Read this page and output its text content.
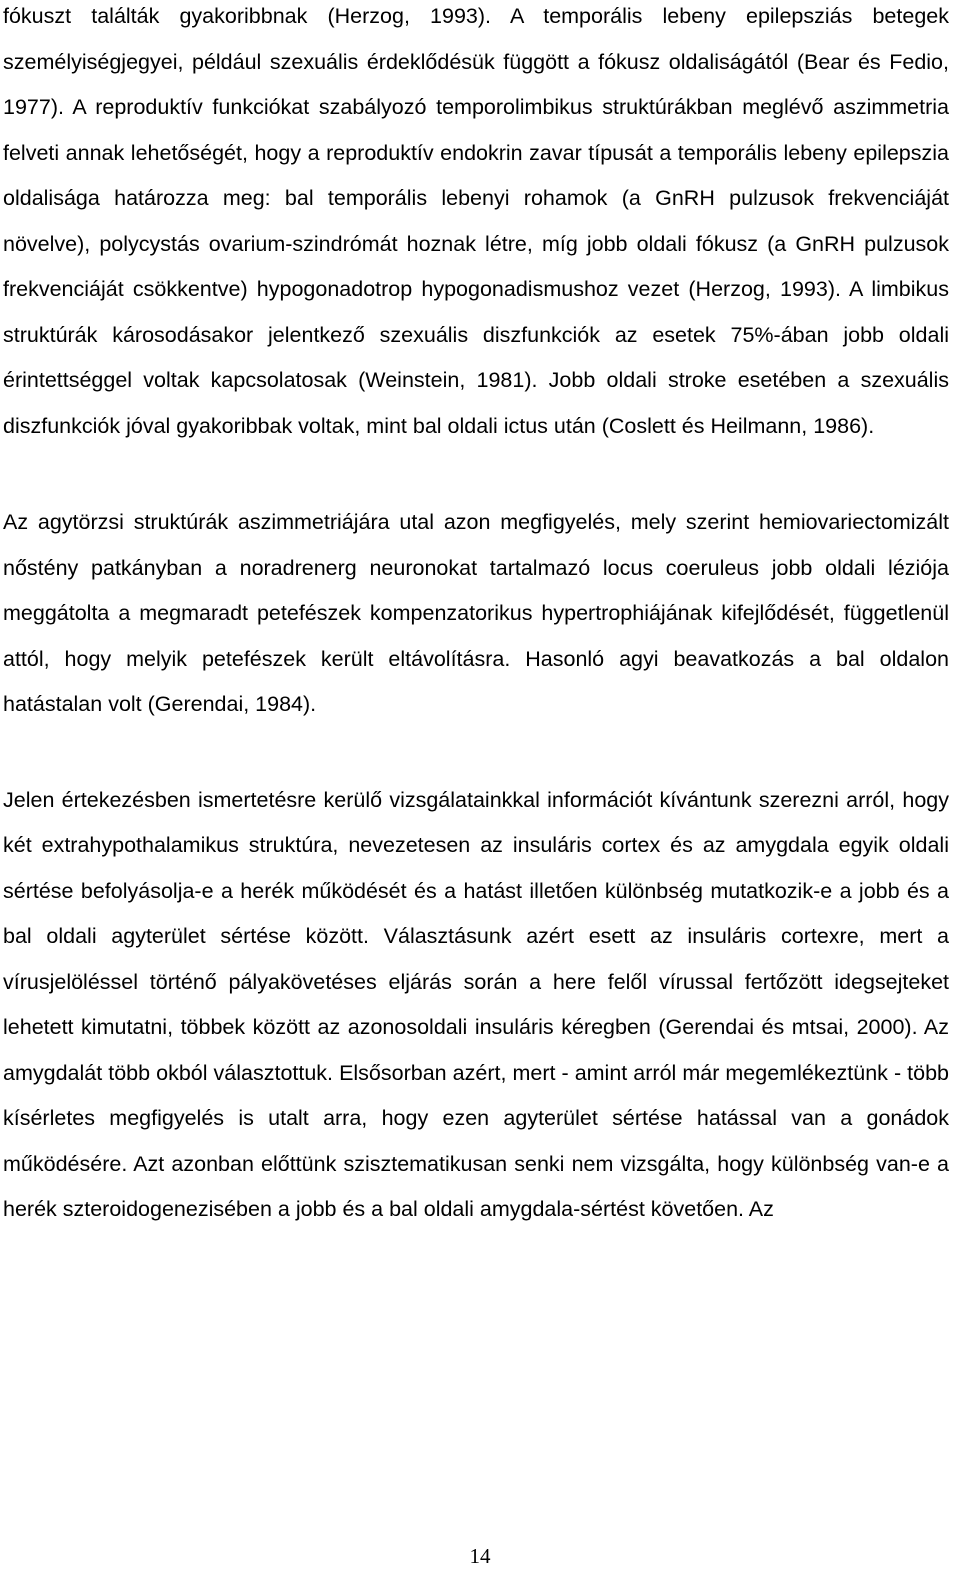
fókuszt találták gyakoribbnak (Herzog, 1993). A temporális lebeny epilepsziás betegek személyiségjegyei, például szexuális érdeklődésük függött a fókusz oldaliságától (Bear és Fedio, 1977). A reproduktív funkciókat szabályozó temporolimbikus struktúrákban meglévő aszimmetria felveti annak lehetőségét, hogy a reproduktív endokrin zavar típusát a temporális lebeny epilepszia oldalisága határozza meg: bal temporális lebenyi rohamok (a GnRH pulzusok frekvenciáját növelve), polycystás ovarium-szindrómát hoznak létre, míg jobb oldali fókusz (a GnRH pulzusok frekvenciáját csökkentve) hypogonadotrop hypogonadismushoz vezet (Herzog, 1993). A limbikus struktúrák károsodásakor jelentkező szexuális diszfunkciók az esetek 75%-ában jobb oldali érintettséggel voltak kapcsolatosak (Weinstein, 1981). Jobb oldali stroke esetében a szexuális diszfunkciók jóval gyakoribbak voltak, mint bal oldali ictus után (Coslett és Heilmann, 1986).

Az agytörzsi struktúrák aszimmetriájára utal azon megfigyelés, mely szerint hemiovariectomizált nőstény patkányban a noradrenerg neuronokat tartalmazó locus coeruleus jobb oldali léziója meggátolta a megmaradt petefészek kompenzatorikus hypertrophiájának kifejlődését, függetlenül attól, hogy melyik petefészek került eltávolításra. Hasonló agyi beavatkozás a bal oldalon hatástalan volt (Gerendai, 1984).

Jelen értekezésben ismertetésre kerülő vizsgálatainkkal információt kívántunk szerezni arról, hogy két extrahypothalamikus struktúra, nevezetesen az insuláris cortex és az amygdala egyik oldali sértése befolyásolja-e a herék működését és a hatást illetően különbség mutatkozik-e a jobb és a bal oldali agyterület sértése között. Választásunk azért esett az insuláris cortexre, mert a vírusjelöléssel történő pályakövetéses eljárás során a here felől vírussal fertőzött idegsejteket lehetett kimutatni, többek között az azonosoldali insuláris kéregben (Gerendai és mtsai, 2000). Az amygdalát több okból választottuk. Elsősorban azért, mert - amint arról már megemlékeztünk - több kísérletes megfigyelés is utalt arra, hogy ezen agyterület sértése hatással van a gonádok működésére. Azt azonban előttünk szisztematikusan senki nem vizsgálta, hogy különbség van-e a herék szteroidogenezisében a jobb és a bal oldali amygdala-sértést követően. Az

14
